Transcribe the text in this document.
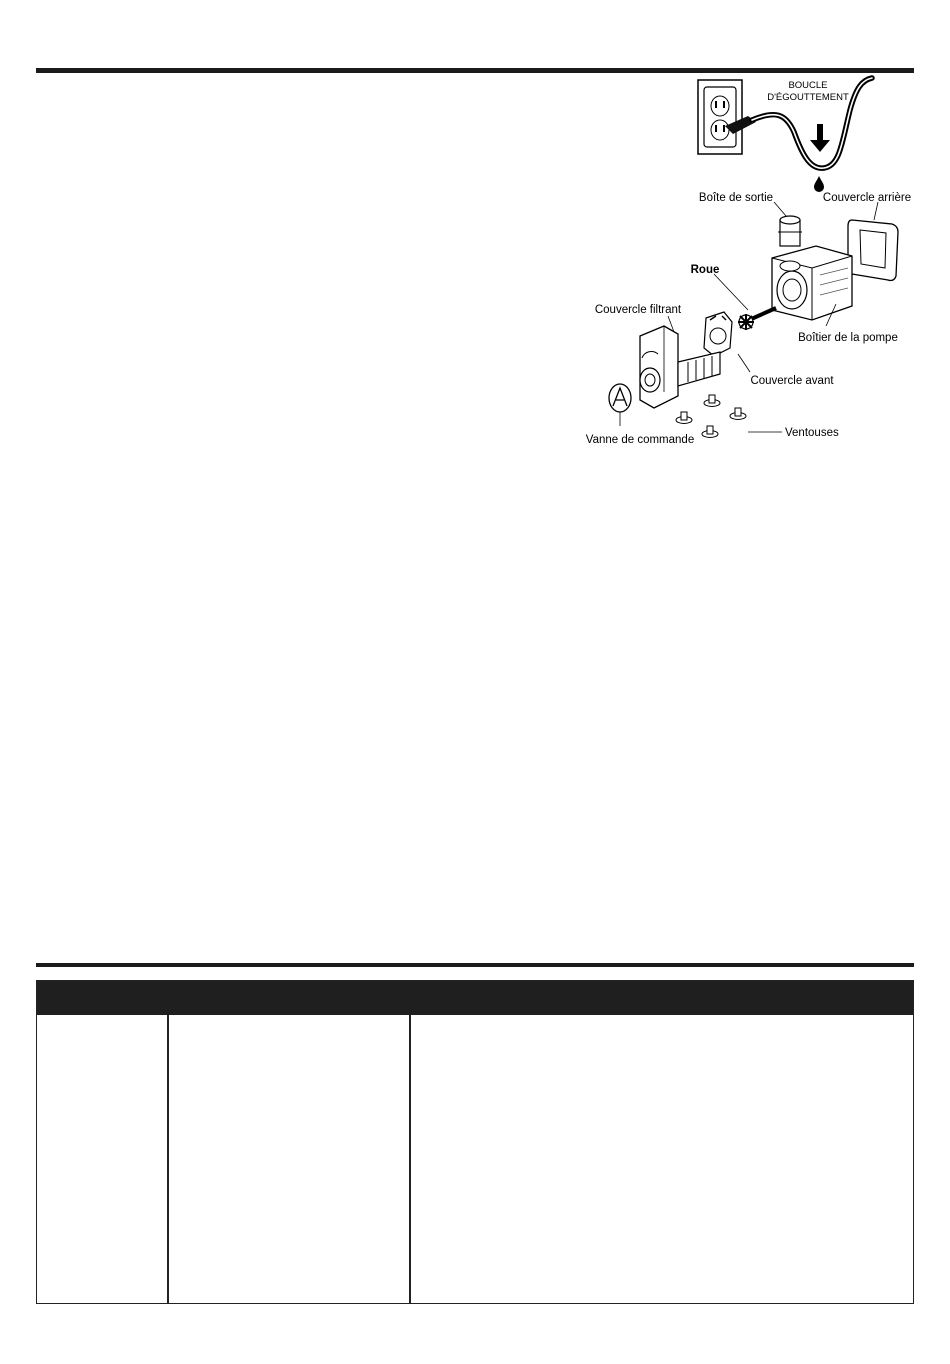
BOUCLE
D'ÉGOUTTEMENT
Boîte de sortie	Couvercle arrière
Roue
Couvercle filtrant
Boîtier de la pompe
Couvercle avant
Ventouses
Vanne de commande
